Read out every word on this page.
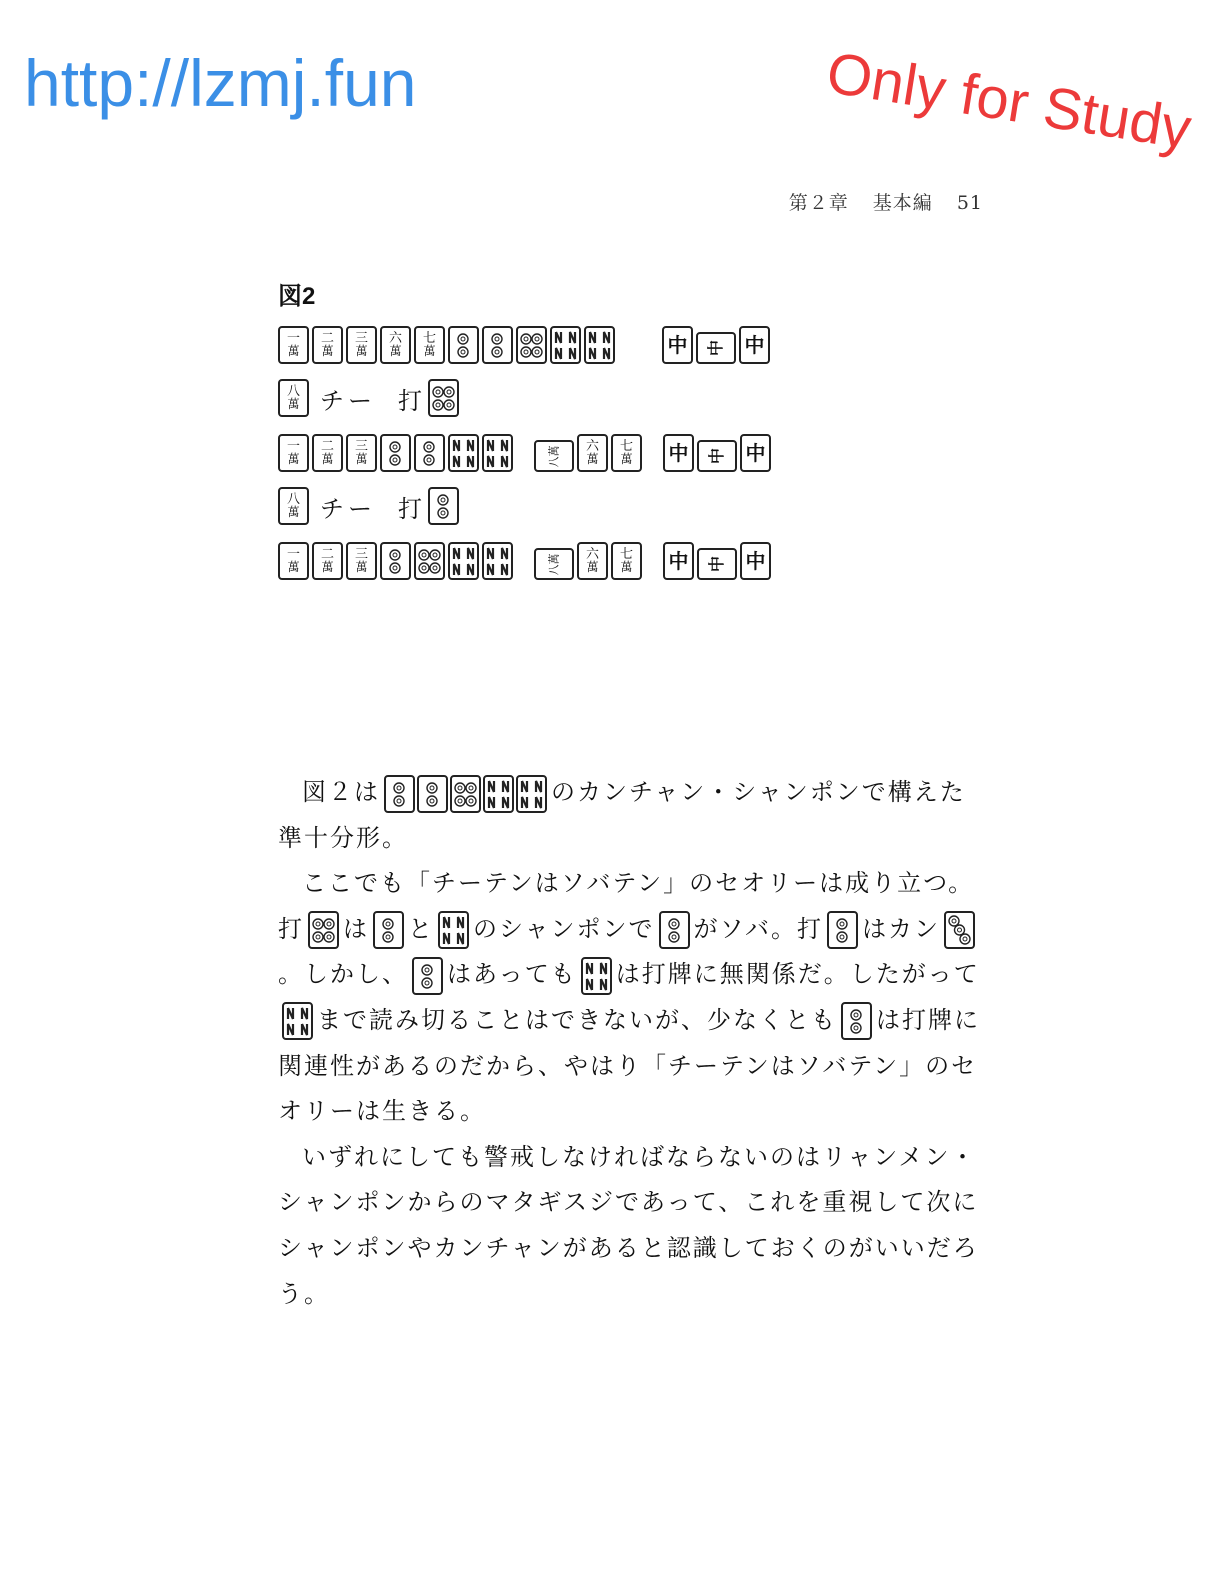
http://lzmj.fun	Only for Study
第２章 基本編 51
図2
一
萬
二
萬
三
萬
六
萬
七
萬	中 中 中
八
萬 チー 打
一
萬
二
萬
三
萬	八萬 六
萬
七
萬 中 中 中
八
萬 チー 打
一
萬
二
萬
三
萬	八萬 六
萬
七
萬 中 中 中

図２は	のカンチャン・シャンポンで構えた準十分形。

ここでも「チーテンはソバテン」のセオリーは成り立つ。打 は と のシャンポンで がソバ。打 はカン
。しかし、 はあっても は打牌に無関係だ。したがって
まで読み切ることはできないが、少なくとも は打牌に関連性があるのだから、やはり「チーテンはソバテン」のセオリーは生きる。

いずれにしても警戒しなければならないのはリャンメン・シャンポンからのマタギスジであって、これを重視して次にシャンポンやカンチャンがあると認識しておくのがいいだろう。
